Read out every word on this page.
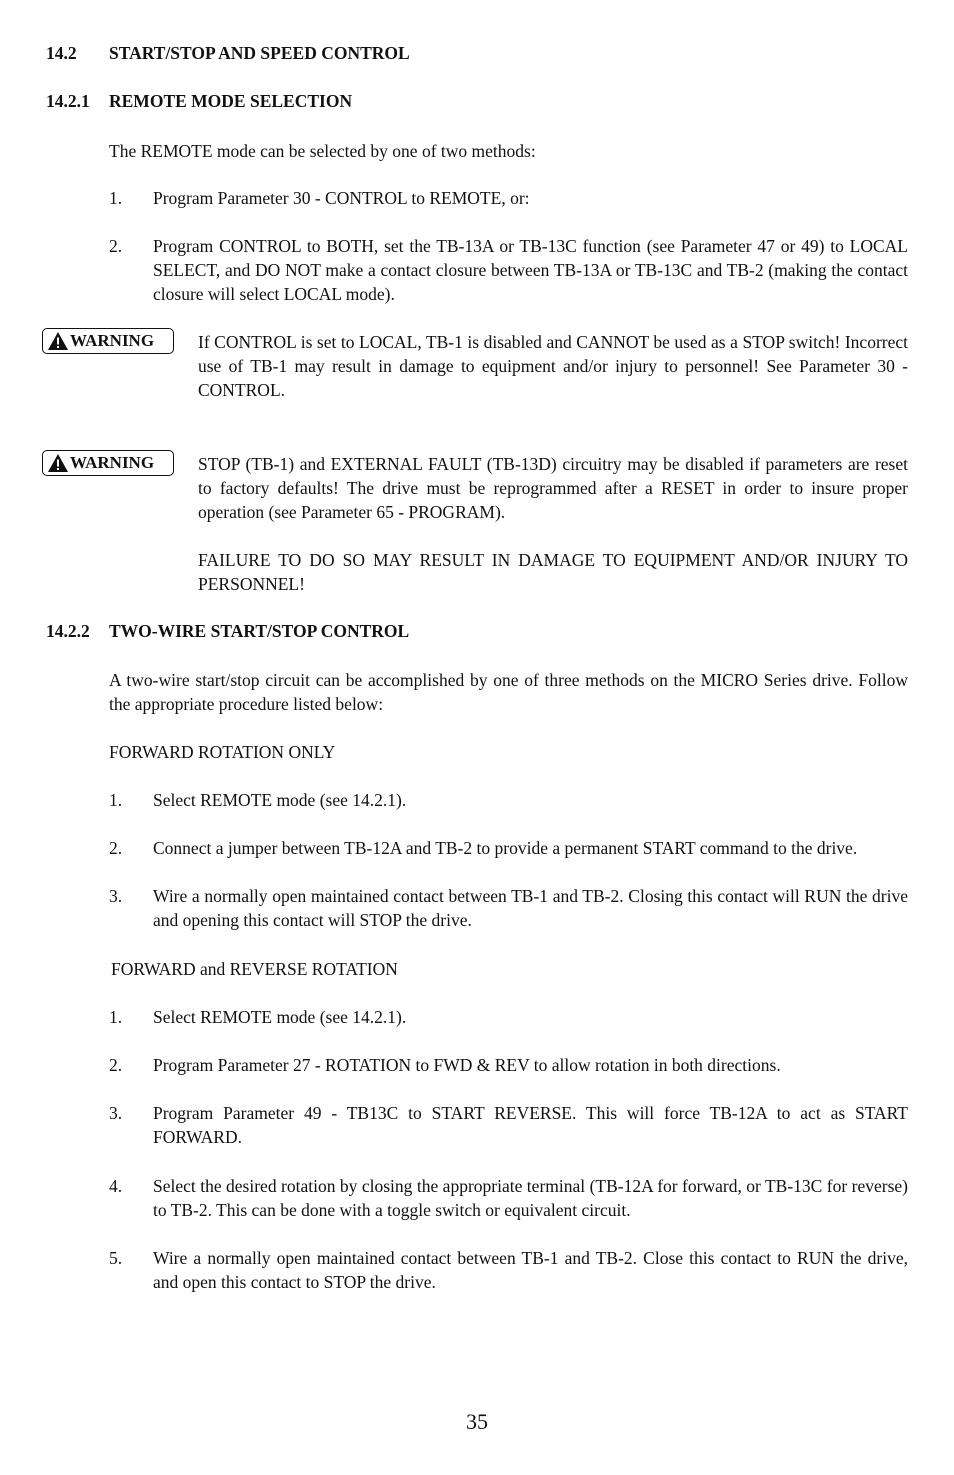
14.2 START/STOP AND SPEED CONTROL
14.2.1 REMOTE MODE SELECTION
The REMOTE mode can be selected by one of two methods:
1. Program Parameter 30 - CONTROL to REMOTE, or:
2. Program CONTROL to BOTH, set the TB-13A or TB-13C function (see Parameter 47 or 49) to LOCAL SELECT, and DO NOT make a contact closure between TB-13A or TB-13C and TB-2 (making the contact closure will select LOCAL mode).
WARNING	If CONTROL is set to LOCAL, TB-1 is disabled and CANNOT be used as a STOP switch! Incorrect use of TB-1 may result in damage to equipment and/or injury to personnel! See Parameter 30 - CONTROL.
WARNING	STOP (TB-1) and EXTERNAL FAULT (TB-13D) circuitry may be disabled if parameters are reset to factory defaults! The drive must be reprogrammed after a RESET in order to insure proper operation (see Parameter 65 - PROGRAM).
FAILURE TO DO SO MAY RESULT IN DAMAGE TO EQUIPMENT AND/OR INJURY TO PERSONNEL!
14.2.2 TWO-WIRE START/STOP CONTROL
A two-wire start/stop circuit can be accomplished by one of three methods on the MICRO Series drive. Follow the appropriate procedure listed below:
FORWARD ROTATION ONLY
1. Select REMOTE mode (see 14.2.1).
2. Connect a jumper between TB-12A and TB-2 to provide a permanent START command to the drive.
3. Wire a normally open maintained contact between TB-1 and TB-2. Closing this contact will RUN the drive and opening this contact will STOP the drive.
FORWARD and REVERSE ROTATION
1. Select REMOTE mode (see 14.2.1).
2. Program Parameter 27 - ROTATION to FWD & REV to allow rotation in both directions.
3. Program Parameter 49 - TB13C to START REVERSE. This will force TB-12A to act as START FORWARD.
4. Select the desired rotation by closing the appropriate terminal (TB-12A for forward, or TB-13C for reverse) to TB-2. This can be done with a toggle switch or equivalent circuit.
5. Wire a normally open maintained contact between TB-1 and TB-2. Close this contact to RUN the drive, and open this contact to STOP the drive.
35
